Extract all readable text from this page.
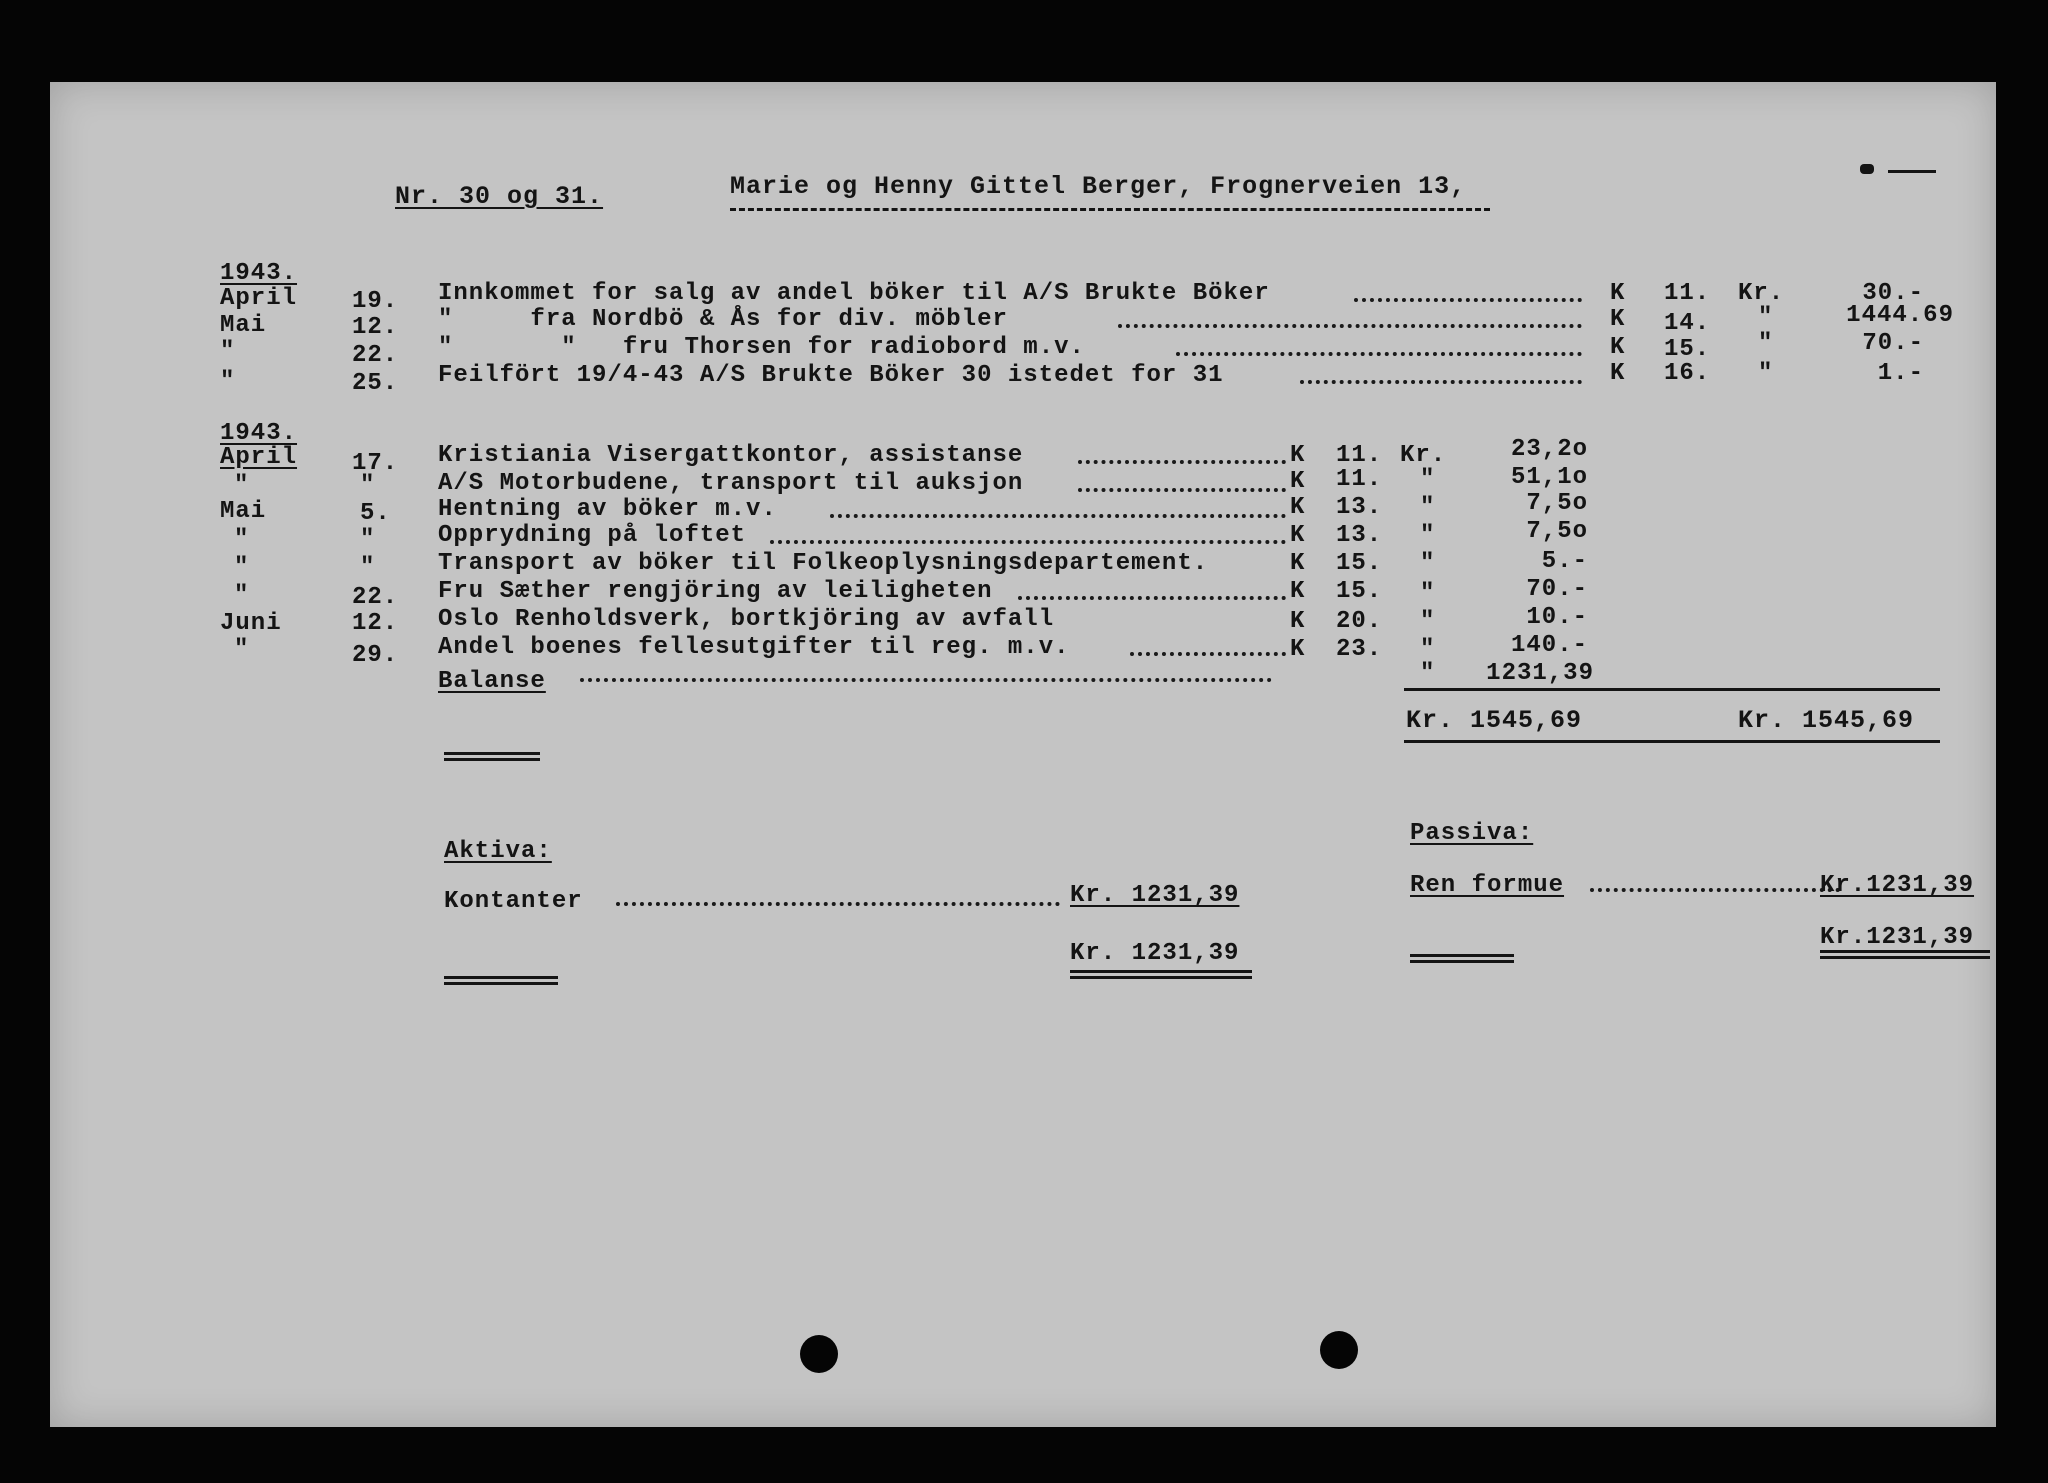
Nr. 30 og 31.	Marie og Henny Gittel Berger, Frognerveien 13,
1943.
April 19. Innkommet for salg av andel böker til A/S Brukte Böker	K 11. Kr.	30.-
Mai	12. "     fra Nordbö & Ås for div. möbler	K 14. "	1444.69
"	22. "       "   fru Thorsen for radiobord m.v.	K 15. "	70.-
"	25. Feilfört 19/4-43 A/S Brukte Böker 30 istedet for 31	K 16. "	1.-
1943.
April 17. Kristiania Visergattkontor, assistanse	K 11. Kr.	23,2o
"	"	A/S Motorbudene, transport til auksjon	K 11. "	51,1o
Mai	5. Hentning av böker m.v.	K 13. "	7,5o
"	"	Opprydning på loftet	K 13. "	7,5o
"	"	Transport av böker til Folkeoplysningsdepartement.	K 15. "	5.-
"	22. Fru Sæther rengjöring av leiligheten	K 15. "	70.-
Juni	12. Oslo Renholdsverk, bortkjöring av avfall	K 20. "	10.-
"	29. Andel boenes fellesutgifter til reg. m.v.	K 23. "	140.-
Balanse	"	1231,39
Kr. 1545,69	Kr. 1545,69
Aktiva:
Kontanter	Kr. 1231,39
Kr. 1231,39
Passiva:
Ren formue	Kr.1231,39
Kr.1231,39
